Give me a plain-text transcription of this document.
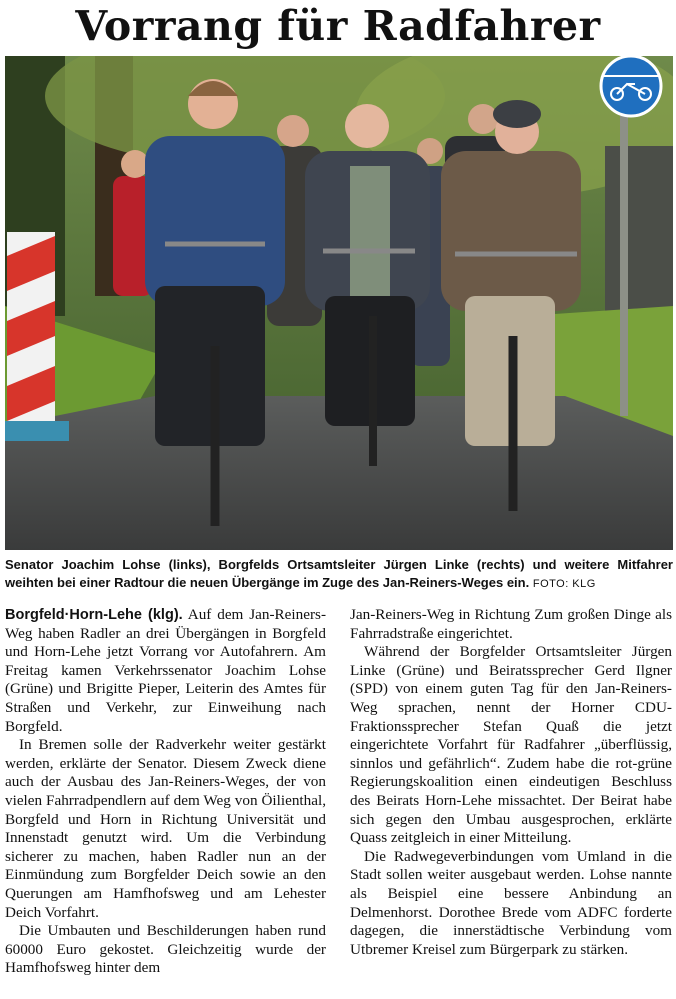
Vorrang für Radfahrer
Senator Joachim Lohse (links), Borgfelds Ortsamtsleiter Jürgen Linke (rechts) und weitere Mitfahrer weihten bei einer Radtour die neuen Übergänge im Zuge des Jan-Reiners-Weges ein. FOTO: KLG

Borgfeld·Horn-Lehe (klg). Auf dem Jan-Reiners-Weg haben Radler an drei Übergängen in Borgfeld und Horn-Lehe jetzt Vorrang vor Autofahrern. Am Freitag kamen Verkehrssenator Joachim Lohse (Grüne) und Brigitte Pieper, Leiterin des Amtes für Straßen und Verkehr, zur Einweihung nach Borgfeld.

In Bremen solle der Radverkehr weiter gestärkt werden, erklärte der Senator. Diesem Zweck diene auch der Ausbau des Jan-Reiners-Weges, der von vielen Fahrradpendlern auf dem Weg von Öilienthal, Borgfeld und Horn in Richtung Universität und Innenstadt genutzt wird. Um die Verbindung sicherer zu machen, haben Radler nun an der Einmündung zum Borgfelder Deich sowie an den Querungen am Hamfhofsweg und am Lehester Deich Vorfahrt.

Die Umbauten und Beschilderungen haben rund 60000 Euro gekostet. Gleichzeitig wurde der Hamfhofsweg hinter dem

Jan-Reiners-Weg in Richtung Zum großen Dinge als Fahrradstraße eingerichtet.

Während der Borgfelder Ortsamtsleiter Jürgen Linke (Grüne) und Beiratssprecher Gerd Ilgner (SPD) von einem guten Tag für den Jan-Reiners-Weg sprachen, nennt der Horner CDU-Fraktionssprecher Stefan Quaß die jetzt eingerichtete Vorfahrt für Radfahrer „überflüssig, sinnlos und gefährlich“. Zudem habe die rot-grüne Regierungskoalition einen eindeutigen Beschluss des Beirats Horn-Lehe missachtet. Der Beirat habe sich gegen den Umbau ausgesprochen, erklärte Quass zeitgleich in einer Mitteilung.

Die Radwegeverbindungen vom Umland in die Stadt sollen weiter ausgebaut werden. Lohse nannte als Beispiel eine bessere Anbindung an Delmenhorst. Dorothee Brede vom ADFC forderte dagegen, die innerstädtische Verbindung vom Utbremer Kreisel zum Bürgerpark zu stärken.
